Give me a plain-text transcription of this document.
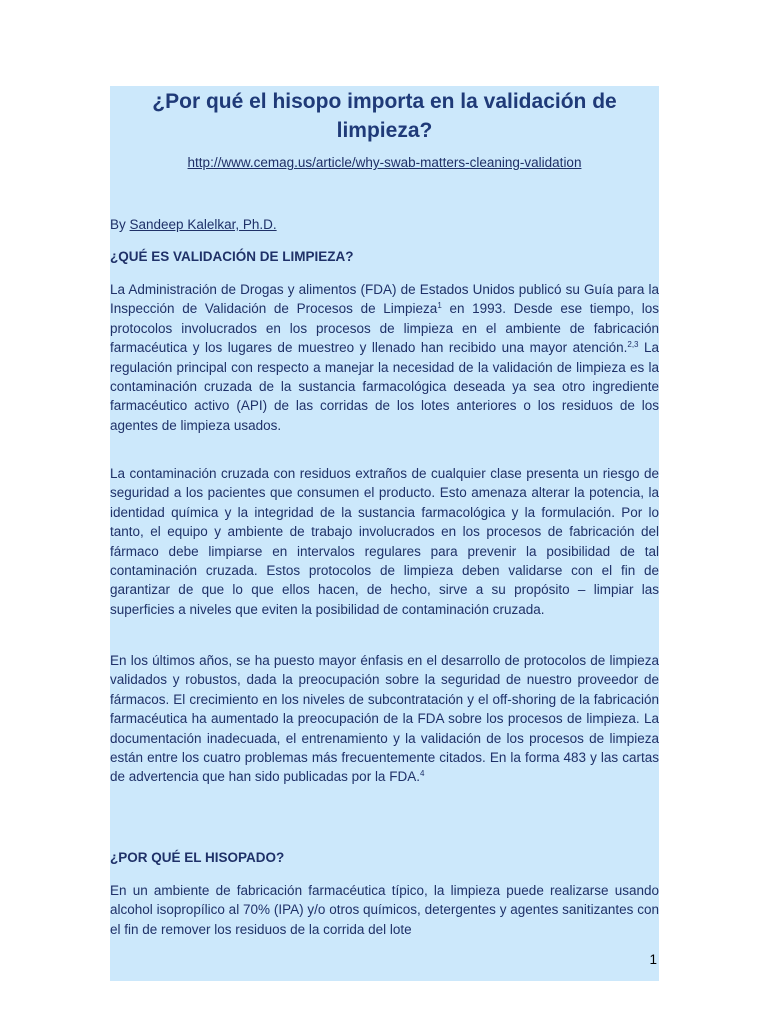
¿Por qué el hisopo importa en la validación de limpieza?
http://www.cemag.us/article/why-swab-matters-cleaning-validation
By Sandeep Kalelkar, Ph.D.
¿QUÉ ES VALIDACIÓN DE LIMPIEZA?

La Administración de Drogas y alimentos (FDA) de Estados Unidos publicó su Guía para la Inspección de Validación de Procesos de Limpieza$^1$ en 1993. Desde ese tiempo, los protocolos involucrados en los procesos de limpieza en el ambiente de fabricación farmacéutica y los lugares de muestreo y llenado han recibido una mayor atención.$^{2,3}$ La regulación principal con respecto a manejar la necesidad de la validación de limpieza es la contaminación cruzada de la sustancia farmacológica deseada ya sea otro ingrediente farmacéutico activo (API) de las corridas de los lotes anteriores o los residuos de los agentes de limpieza usados.

La contaminación cruzada con residuos extraños de cualquier clase presenta un riesgo de seguridad a los pacientes que consumen el producto. Esto amenaza alterar la potencia, la identidad química y la integridad de la sustancia farmacológica y la formulación. Por lo tanto, el equipo y ambiente de trabajo involucrados en los procesos de fabricación del fármaco debe limpiarse en intervalos regulares para prevenir la posibilidad de tal contaminación cruzada. Estos protocolos de limpieza deben validarse con el fin de garantizar de que lo que ellos hacen, de hecho, sirve a su propósito – limpiar las superficies a niveles que eviten la posibilidad de contaminación cruzada.

En los últimos años, se ha puesto mayor énfasis en el desarrollo de protocolos de limpieza validados y robustos, dada la preocupación sobre la seguridad de nuestro proveedor de fármacos. El crecimiento en los niveles de subcontratación y el off-shoring de la fabricación farmacéutica ha aumentado la preocupación de la FDA sobre los procesos de limpieza. La documentación inadecuada, el entrenamiento y la validación de los procesos de limpieza están entre los cuatro problemas más frecuentemente citados. En la forma 483 y las cartas de advertencia que han sido publicadas por la FDA.$^4$

¿POR QUÉ EL HISOPADO?

En un ambiente de fabricación farmacéutica típico, la limpieza puede realizarse usando alcohol isopropílico al 70% (IPA) y/o otros químicos, detergentes y agentes sanitizantes con el fin de remover los residuos de la corrida del lote

1
